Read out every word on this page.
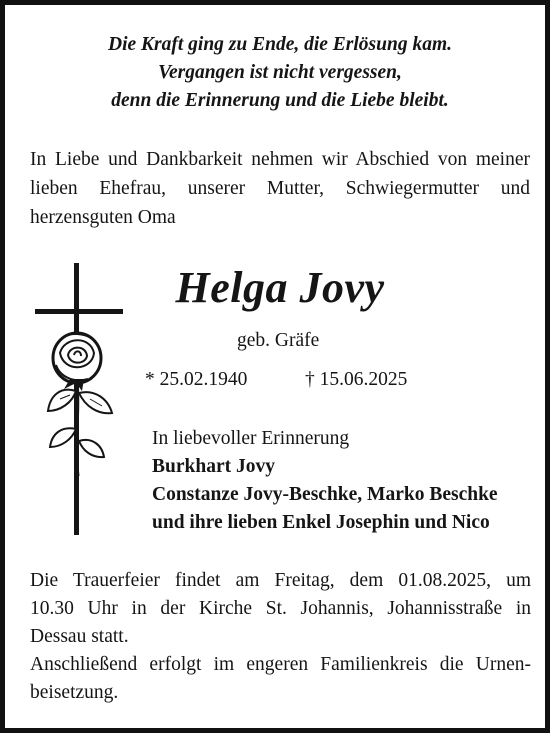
Die Kraft ging zu Ende, die Erlösung kam.
Vergangen ist nicht vergessen,
denn die Erinnerung und die Liebe bleibt.
In Liebe und Dankbarkeit nehmen wir Abschied von meiner lieben Ehefrau, unserer Mutter, Schwiegermutter und herzensguten Oma
Helga Jovy
geb. Gräfe
* 25.02.1940	† 15.06.2025
In liebevoller Erinnerung
Burkhart Jovy
Constanze Jovy-Beschke, Marko Beschke
und ihre lieben Enkel Josephin und Nico
Die Trauerfeier findet am Freitag, dem 01.08.2025, um
10.30 Uhr in der Kirche St. Johannis, Johannisstraße in
Dessau statt.
Anschließend erfolgt im engeren Familienkreis die Urnen-
beisetzung.
